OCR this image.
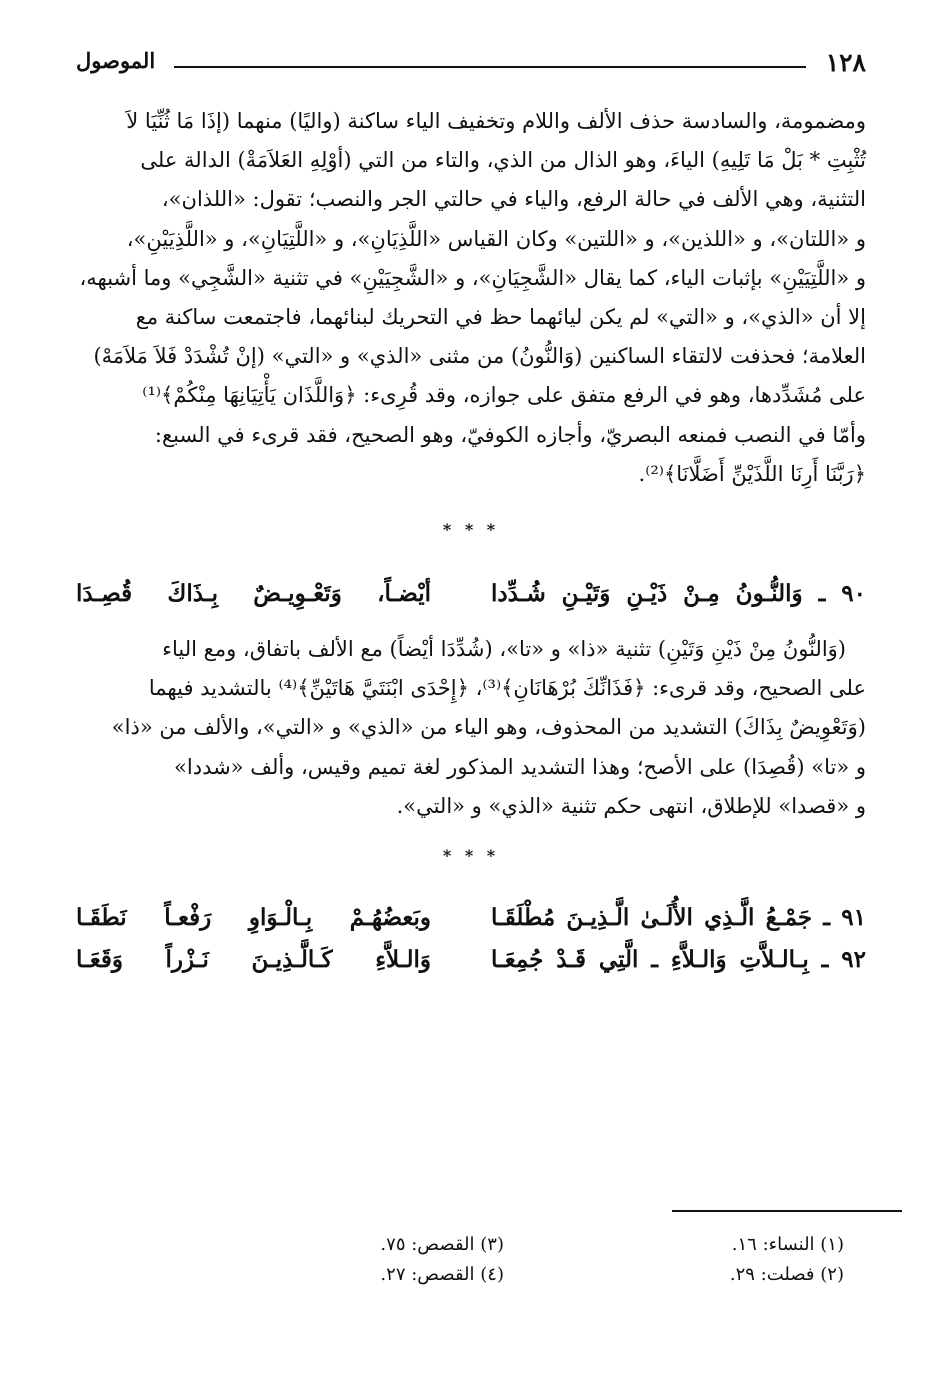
١٢٨
الموصول

ومضمومة، والسادسة حذف الألف واللام وتخفيف الياء ساكنة (واليًا) منهما (إذَا مَا ثُنِّيَا لاَ

تُثْبِتِ * بَلْ مَا تَلِيهِ) الياءَ، وهو الذال من الذي، والتاء من التي (أوْلِهِ العَلاَمَةْ) الدالة على

التثنية، وهي الألف في حالة الرفع، والياء في حالتي الجر والنصب؛ تقول: «اللذان»،

و «اللتان»، و «اللذين»، و «اللتين» وكان القياس «اللَّذِيَانِ»، و «اللَّتِيَانِ»، و «اللَّذِيَيْنِ»،

و «اللَّتِيَيْنِ» بإثبات الياء، كما يقال «الشَّجِيَانِ»، و «الشَّجِيَيْنِ» في تثنية «الشَّجِي» وما أشبهه،

إلا أن «الذي»، و «التي» لم يكن ليائهما حظ في التحريك لبنائهما، فاجتمعت ساكنة مع

العلامة؛ فحذفت لالتقاء الساكنين (وَالنُّونُ) من مثنى «الذي» و «التي» (إنْ تُشْدَدْ فَلاَ مَلاَمَهْ)

على مُشَدِّدها، وهو في الرفع متفق على جوازه، وقد قُرِىء: ﴿وَاللَّذَان يَأْتِيَانِهَا مِنْكُمْ﴾⁽¹⁾

وأمّا في النصب فمنعه البصريّ، وأجازه الكوفيّ، وهو الصحيح، فقد قرىء في السبع:

﴿رَبَّنَا أَرِنَا اللَّذَيْنِّ أَضَلَّانَا﴾⁽²⁾.

* * *

٩٠ ـ وَالنُّـونُ مِـنْ ذَيْـنِ وَتَيْـنِ شُـدِّدا
أيْضـاً، وَتَعْـوِيـضٌ بِـذَاكَ قُصِـدَا

(وَالنُّونُ مِنْ ذَيْنِ وَتَيْنِ) تثنية «ذا» و «تا»، (شُدِّدَا أيْضاً) مع الألف باتفاق، ومع الياء

على الصحيح، وقد قرىء: ﴿فَذَانِّكَ بُرْهَانَانِ﴾⁽³⁾، ﴿إِحْدَى ابْنَتَيَّ هَاتَيْنِّ﴾⁽⁴⁾ بالتشديد فيهما

(وَتَعْوِيضٌ بِذَاكَ) التشديد من المحذوف، وهو الياء من «الذي» و «التي»، والألف من «ذا»

و «تا» (قُصِدَا) على الأصح؛ وهذا التشديد المذكور لغة تميم وقيس، وألف «شددا»

و «قصدا» للإطلاق، انتهى حكم تثنية «الذي» و «التي».

* * *

٩١ ـ جَمْـعُ الَّـذِي الأُلَـىٰ الَّـذِيـنَ مُطْلَقَـا
وبَعضُهُـمْ بِـالْـوَاوِ رَفْعـاً نَطَقَـا
٩٢ ـ بِـالـلاَّتِ وَالـلاَّءِ ـ الَّتِي قَـدْ جُمِعَـا
وَالـلاَّءِ كَـالَّـذِيـنَ نَـزْراً وَقَعَـا
(١) النساء: ١٦.
(٢) فصلت: ٢٩.
(٣) القصص: ٧٥.
(٤) القصص: ٢٧.
